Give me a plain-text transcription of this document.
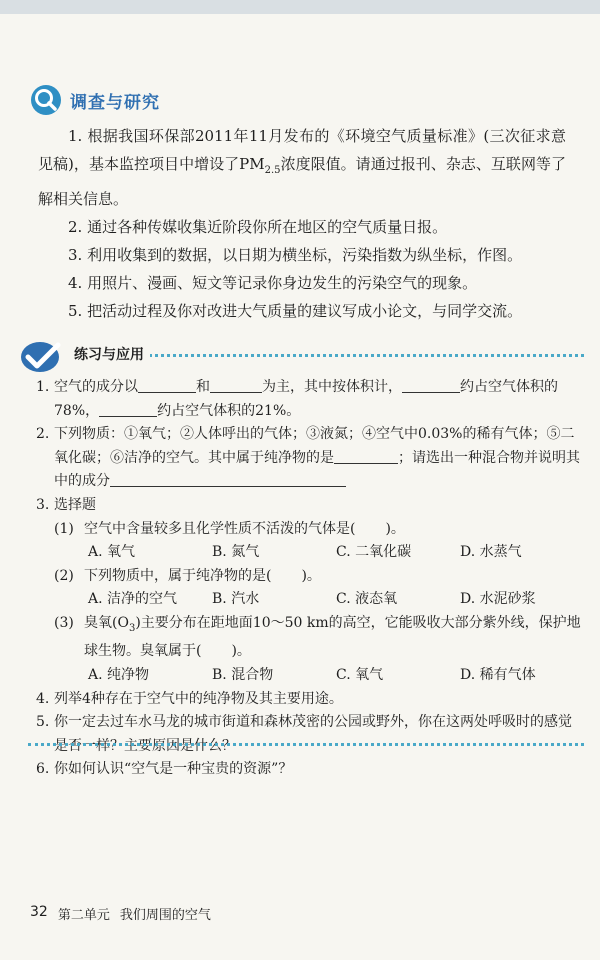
调查与研究

1. 根据我国环保部2011年11月发布的《环境空气质量标准》(三次征求意见稿)，基本监控项目中增设了$PM_{2.5}$浓度限值。请通过报刊、杂志、互联网等了解相关信息。

2. 通过各种传媒收集近阶段你所在地区的空气质量日报。

3. 利用收集到的数据，以日期为横坐标，污染指数为纵坐标，作图。

4. 用照片、漫画、短文等记录你身边发生的污染空气的现象。

5. 把活动过程及你对改进大气质量的建议写成小论文，与同学交流。

练习与应用
1. 空气的成分以	和	为主，其中按体积计，	约占空气体积的78%，	约占空气体积的21%。
2. 下列物质：①氧气；②人体呼出的气体；③液氮；④空气中0.03%的稀有气体；⑤二氧化碳；⑥洁净的空气。其中属于纯净物的是	；请选出一种混合物并说明其中的成分
3. 选择题
(1) 空气中含量较多且化学性质不活泼的气体是( )。
A. 氧气	B. 氮气	C. 二氧化碳	D. 水蒸气
(2) 下列物质中，属于纯净物的是( )。
A. 洁净的空气	B. 汽水	C. 液态氧	D. 水泥砂浆
(3) 臭氧$(O_3)$主要分布在距地面10～50 km的高空，它能吸收大部分紫外线，保护地球生物。臭氧属于( )。
A. 纯净物	B. 混合物	C. 氧气	D. 稀有气体
4. 列举4种存在于空气中的纯净物及其主要用途。
5. 你一定去过车水马龙的城市街道和森林茂密的公园或野外，你在这两处呼吸时的感觉是否一样？主要原因是什么？
6. 你如何认识“空气是一种宝贵的资源”？
32 第二单元 我们周围的空气
